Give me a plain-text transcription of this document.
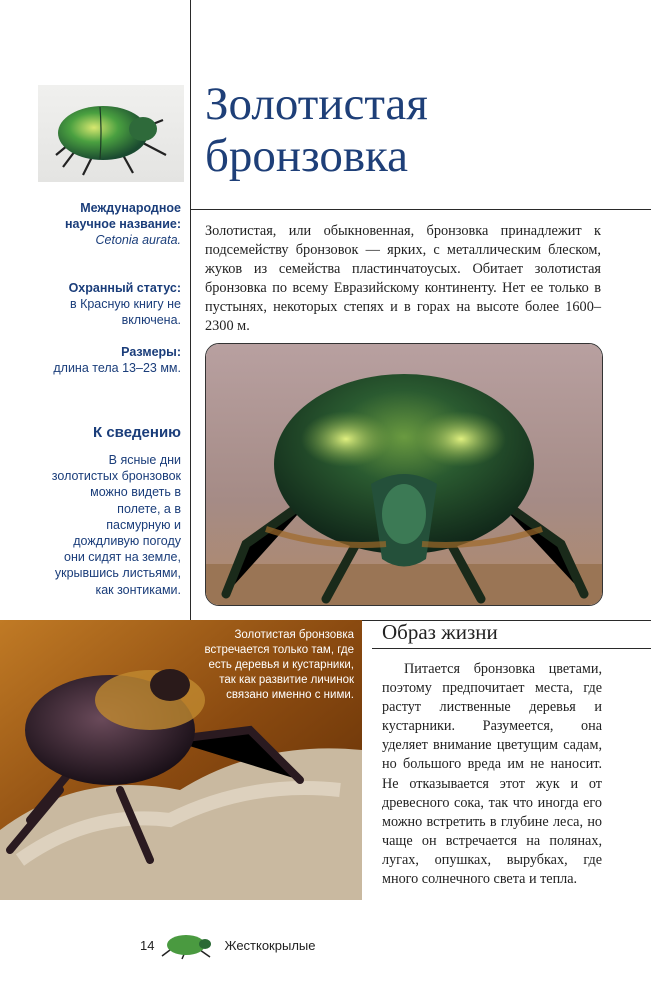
Международное научное название:
Cetonia aurata.
Охранный статус:
в Красную книгу не включена.
Размеры:
длина тела 13–23 мм.
К сведению
В ясные дни золотистых бронзовок можно видеть в полете, а в пасмурную и дождливую погоду они сидят на земле, укрывшись листьями, как зонтиками.
Золотистая
бронзовка
Золотистая, или обыкновенная, бронзовка принадлежит к подсемейству бронзовок — ярких, с металлическим блеском, жуков из семейства пластинчатоусых. Обитает золотистая бронзовка по всему Евразийскому континенту. Нет ее только в пустынях, некоторых степях и в горах на высоте более 1600–2300 м.
Золотистая бронзовка встречается только там, где есть деревья и кустарники, так как развитие личинок связано именно с ними.
Образ жизни
Питается бронзовка цветами, поэтому предпочитает места, где растут лиственные деревья и кустарники. Разумеется, она уделяет внимание цветущим садам, но большого вреда им не наносит. Не отказывается этот жук и от древесного сока, так что иногда его можно встретить в глубине леса, но чаще он встречается на полянах, лугах, опушках, вырубках, где много солнечного света и тепла.
14	Жесткокрылые
